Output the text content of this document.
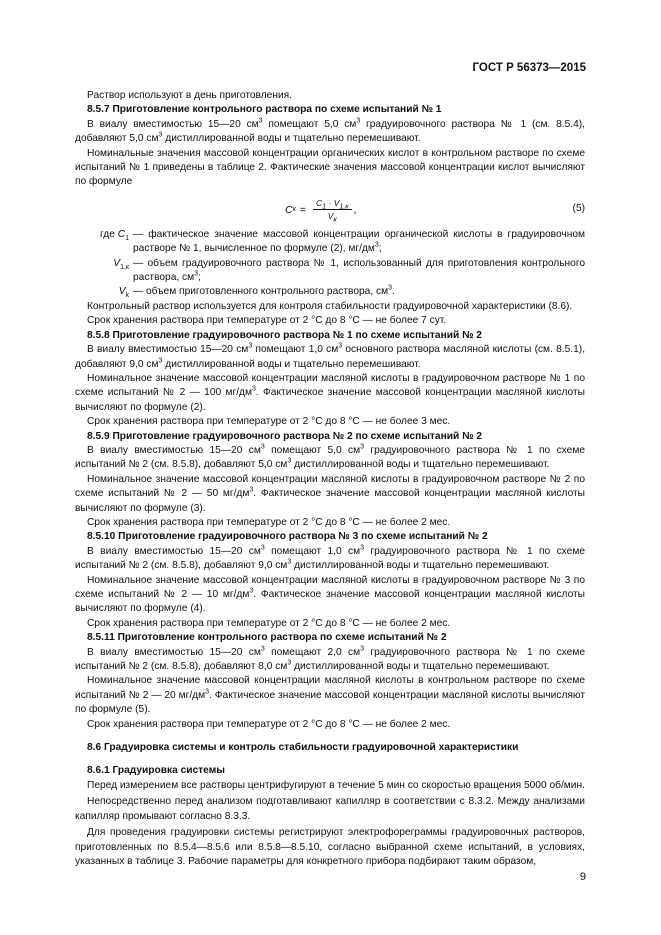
ГОСТ Р 56373—2015

Раствор используют в день приготовления.

8.5.7 Приготовление контрольного раствора по схеме испытаний № 1

В виалу вместимостью 15—20 $см^3$ помещают 5,0 $см^3$ градуировочного раствора № 1 (см. 8.5.4), добавляют 5,0 $см^3$ дистиллированной воды и тщательно перемешивают.

Номинальные значения массовой концентрации органических кислот в контрольном растворе по схеме испытаний № 1 приведены в таблице 2. Фактические значения массовой концентрации кислот вычисляют по формуле

C $к = \frac{C_1 \cdot V_{1,к}}{V_к}$ ,	(5)
где $C_1$ — фактическое значение массовой концентрации органической кислоты в градуировочном растворе № 1, вычисленное по формуле (2), $мг/дм^3$;
$V_{1,к}$ — объем градуировочного раствора № 1, использованный для приготовления контрольного раствора, $см^3$;
$V_k$ — объем приготовленного контрольного раствора, $см^3$.

Контрольный раствор используется для контроля стабильности градуировочной характеристики (8.6).

Срок хранения раствора при температуре от 2 °С до 8 °С — не более 7 сут.

8.5.8 Приготовление градуировочного раствора № 1 по схеме испытаний № 2

В виалу вместимостью 15—20 $см^3$ помещают 1,0 $см^3$ основного раствора масляной кислоты (см. 8.5.1), добавляют 9,0 $см^3$ дистиллированной воды и тщательно перемешивают.

Номинальное значение массовой концентрации масляной кислоты в градуировочном растворе № 1 по схеме испытаний № 2 — 100 $мг/дм^3$. Фактическое значение массовой концентрации масляной кислоты вычисляют по формуле (2).

Срок хранения раствора при температуре от 2 °С до 8 °С — не более 3 мес.

8.5.9 Приготовление градуировочного раствора № 2 по схеме испытаний № 2

В виалу вместимостью 15—20 $см^3$ помещают 5,0 $см^3$ градуировочного раствора № 1 по схеме испытаний № 2 (см. 8.5.8), добавляют 5,0 $см^3$ дистиллированной воды и тщательно перемешивают.

Номинальное значение массовой концентрации масляной кислоты в градуировочном растворе № 2 по схеме испытаний № 2 — 50 $мг/дм^3$. Фактическое значение массовой концентрации масляной кислоты вычисляют по формуле (3).

Срок хранения раствора при температуре от 2 °С до 8 °С — не более 2 мес.

8.5.10 Приготовление градуировочного раствора № 3 по схеме испытаний № 2

В виалу вместимостью 15—20 $см^3$ помещают 1,0 $см^3$ градуировочного раствора № 1 по схеме испытаний № 2 (см. 8.5.8), добавляют 9,0 $см^3$ дистиллированной воды и тщательно перемешивают.

Номинальное значение массовой концентрации масляной кислоты в градуировочном растворе № 3 по схеме испытаний № 2 — 10 $мг/дм^3$. Фактическое значение массовой концентрации масляной кислоты вычисляют по формуле (4).

Срок хранения раствора при температуре от 2 °С до 8 °С — не более 2 мес.

8.5.11 Приготовление контрольного раствора по схеме испытаний № 2

В виалу вместимостью 15—20 $см^3$ помещают 2,0 $см^3$ градуировочного раствора № 1 по схеме испытаний № 2 (см. 8.5.8), добавляют 8,0 $см^3$ дистиллированной воды и тщательно перемешивают.

Номинальное значение массовой концентрации масляной кислоты в контрольном растворе по схеме испытаний № 2 — 20 $мг/дм^3$. Фактическое значение массовой концентрации масляной кислоты вычисляют по формуле (5).

Срок хранения раствора при температуре от 2 °С до 8 °С — не более 2 мес.

8.6 Градуировка системы и контроль стабильности градуировочной характеристики

8.6.1 Градуировка системы

Перед измерением все растворы центрифугируют в течение 5 мин со скоростью вращения 5000 об/мин.

Непосредственно перед анализом подготавливают капилляр в соответствии с 8.3.2. Между анализами капилляр промывают согласно 8.3.3.

Для проведения градуировки системы регистрируют электрофореграммы градуировочных растворов, приготовленных по 8.5.4—8.5.6 или 8.5.8—8.5.10, согласно выбранной схеме испытаний, в условиях, указанных в таблице 3. Рабочие параметры для конкретного прибора подбирают таким образом,

9
